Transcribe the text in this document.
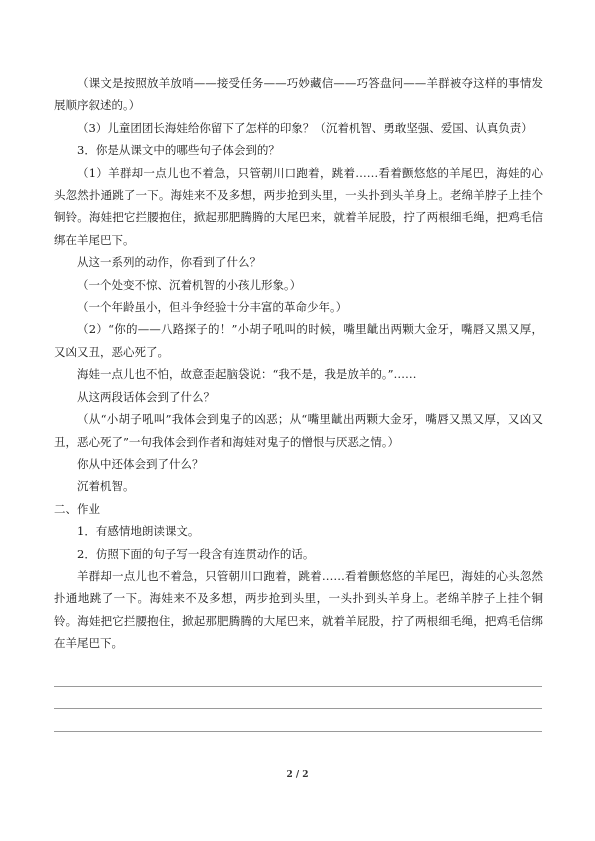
（课文是按照放羊放哨——接受任务——巧妙藏信——巧答盘问——羊群被夺这样的事情发展顺序叙述的。）

（3）儿童团团长海娃给你留下了怎样的印象？（沉着机智、勇敢坚强、爱国、认真负责）

3．你是从课文中的哪些句子体会到的？

（1）羊群却一点儿也不着急，只管朝川口跑着，跳着……看着颤悠悠的羊尾巴，海娃的心头忽然扑通跳了一下。海娃来不及多想，两步抢到头里，一头扑到头羊身上。老绵羊脖子上挂个铜铃。海娃把它拦腰抱住，掀起那肥腾腾的大尾巴来，就着羊屁股，拧了两根细毛绳，把鸡毛信绑在羊尾巴下。

从这一系列的动作，你看到了什么？

（一个处变不惊、沉着机智的小孩儿形象。）

（一个年龄虽小，但斗争经验十分丰富的革命少年。）

（2）“你的——八路探子的！”小胡子吼叫的时候，嘴里龇出两颗大金牙，嘴唇又黑又厚，又凶又丑，恶心死了。

海娃一点儿也不怕，故意歪起脑袋说：“我不是，我是放羊的。”……

从这两段话体会到了什么？

（从“小胡子吼叫”我体会到鬼子的凶恶；从“嘴里龇出两颗大金牙，嘴唇又黑又厚，又凶又丑，恶心死了”一句我体会到作者和海娃对鬼子的憎恨与厌恶之情。）

你从中还体会到了什么？

沉着机智。

二、作业

1．有感情地朗读课文。

2．仿照下面的句子写一段含有连贯动作的话。

羊群却一点儿也不着急，只管朝川口跑着，跳着……看着颤悠悠的羊尾巴，海娃的心头忽然扑通地跳了一下。海娃来不及多想，两步抢到头里，一头扑到头羊身上。老绵羊脖子上挂个铜铃。海娃把它拦腰抱住，掀起那肥腾腾的大尾巴来，就着羊屁股，拧了两根细毛绳，把鸡毛信绑在羊尾巴下。

2 / 2
